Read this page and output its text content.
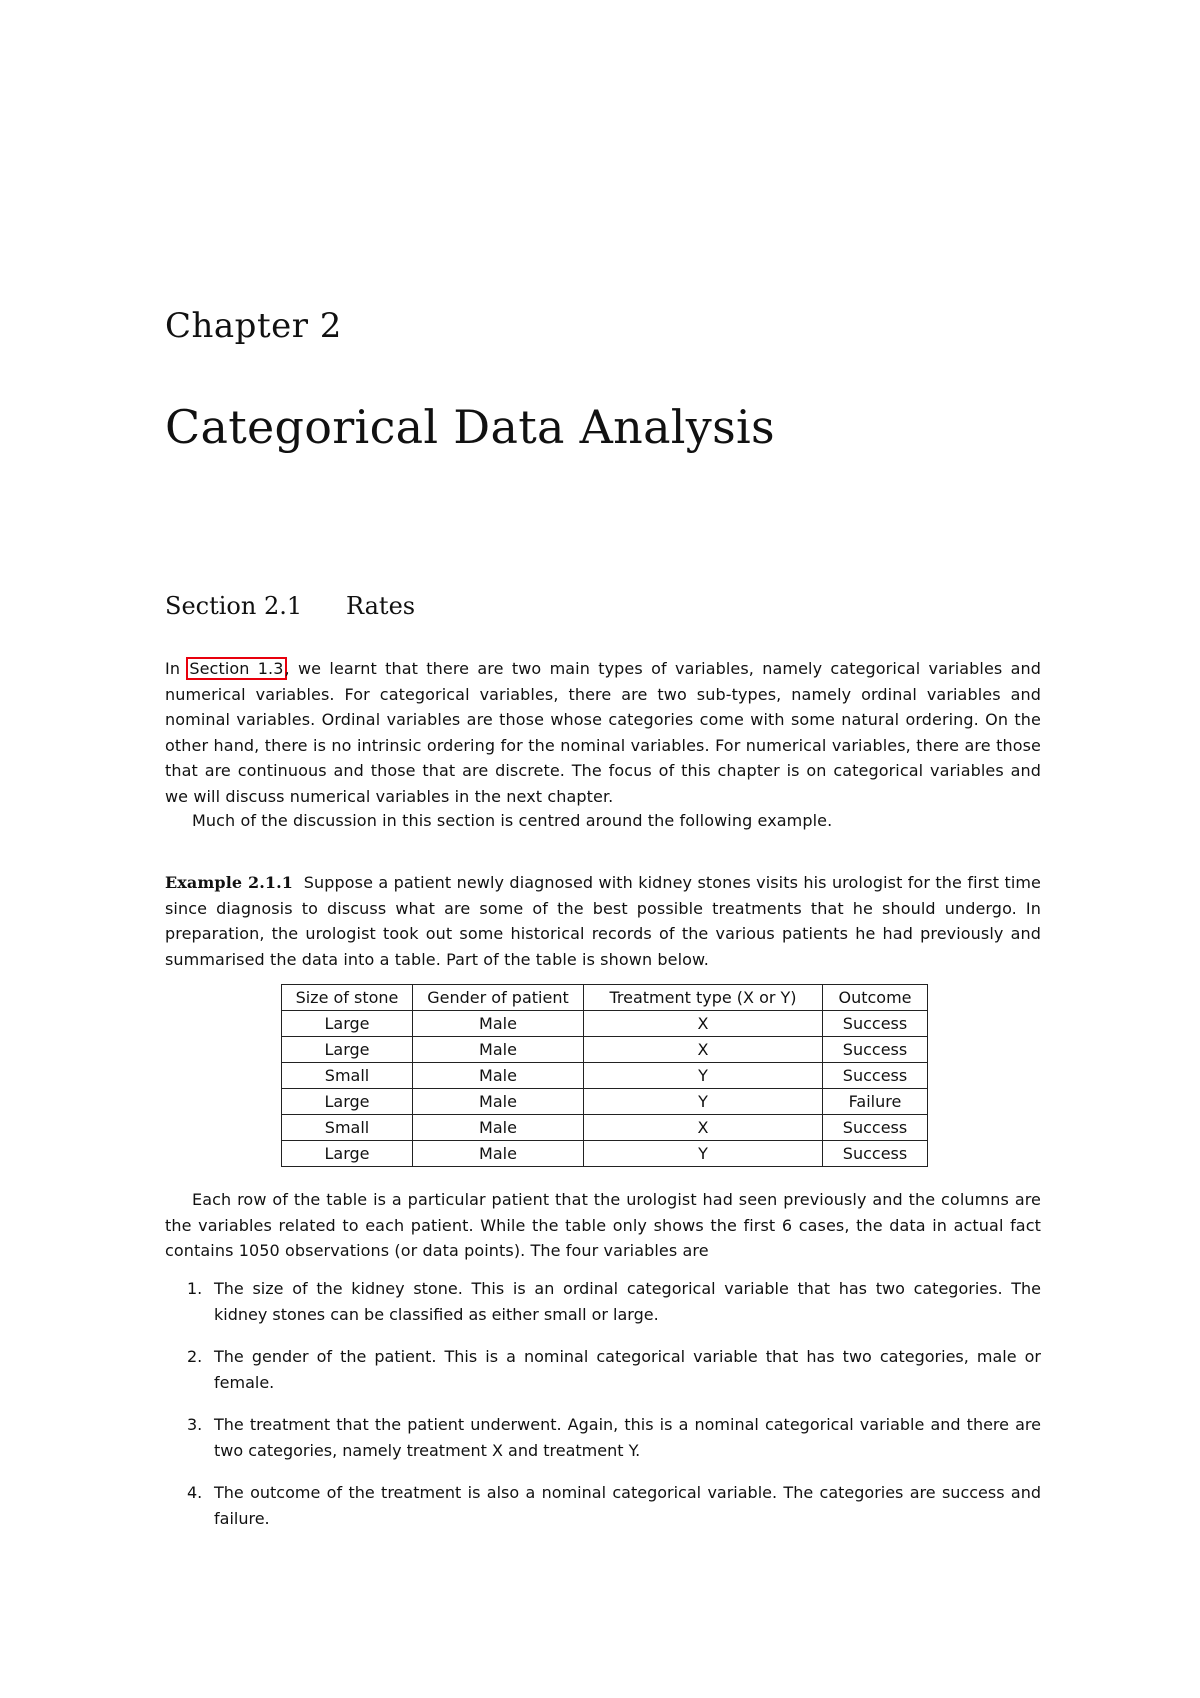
Chapter 2
Categorical Data Analysis
Section 2.1 Rates

In Section 1.3, we learnt that there are two main types of variables, namely categorical variables and numerical variables. For categorical variables, there are two sub-types, namely ordinal variables and nominal variables. Ordinal variables are those whose categories come with some natural ordering. On the other hand, there is no intrinsic ordering for the nominal variables. For numerical variables, there are those that are continuous and those that are discrete. The focus of this chapter is on categorical variables and we will discuss numerical variables in the next chapter.

Much of the discussion in this section is centred around the following example.

Example 2.1.1 Suppose a patient newly diagnosed with kidney stones visits his urologist for the first time since diagnosis to discuss what are some of the best possible treatments that he should undergo. In preparation, the urologist took out some historical records of the various patients he had previously and summarised the data into a table. Part of the table is shown below.

Size of stone	Gender of patient	Treatment type (X or Y)	Outcome
Large	Male	X	Success
Large	Male	X	Success
Small	Male	Y	Success
Large	Male	Y	Failure
Small	Male	X	Success
Large	Male	Y	Success

Each row of the table is a particular patient that the urologist had seen previously and the columns are the variables related to each patient. While the table only shows the first 6 cases, the data in actual fact contains 1050 observations (or data points). The four variables are

1. The size of the kidney stone. This is an ordinal categorical variable that has two categories. The kidney stones can be classified as either small or large.
2. The gender of the patient. This is a nominal categorical variable that has two categories, male or female.
3. The treatment that the patient underwent. Again, this is a nominal categorical variable and there are two categories, namely treatment X and treatment Y.
4. The outcome of the treatment is also a nominal categorical variable. The categories are success and failure.
